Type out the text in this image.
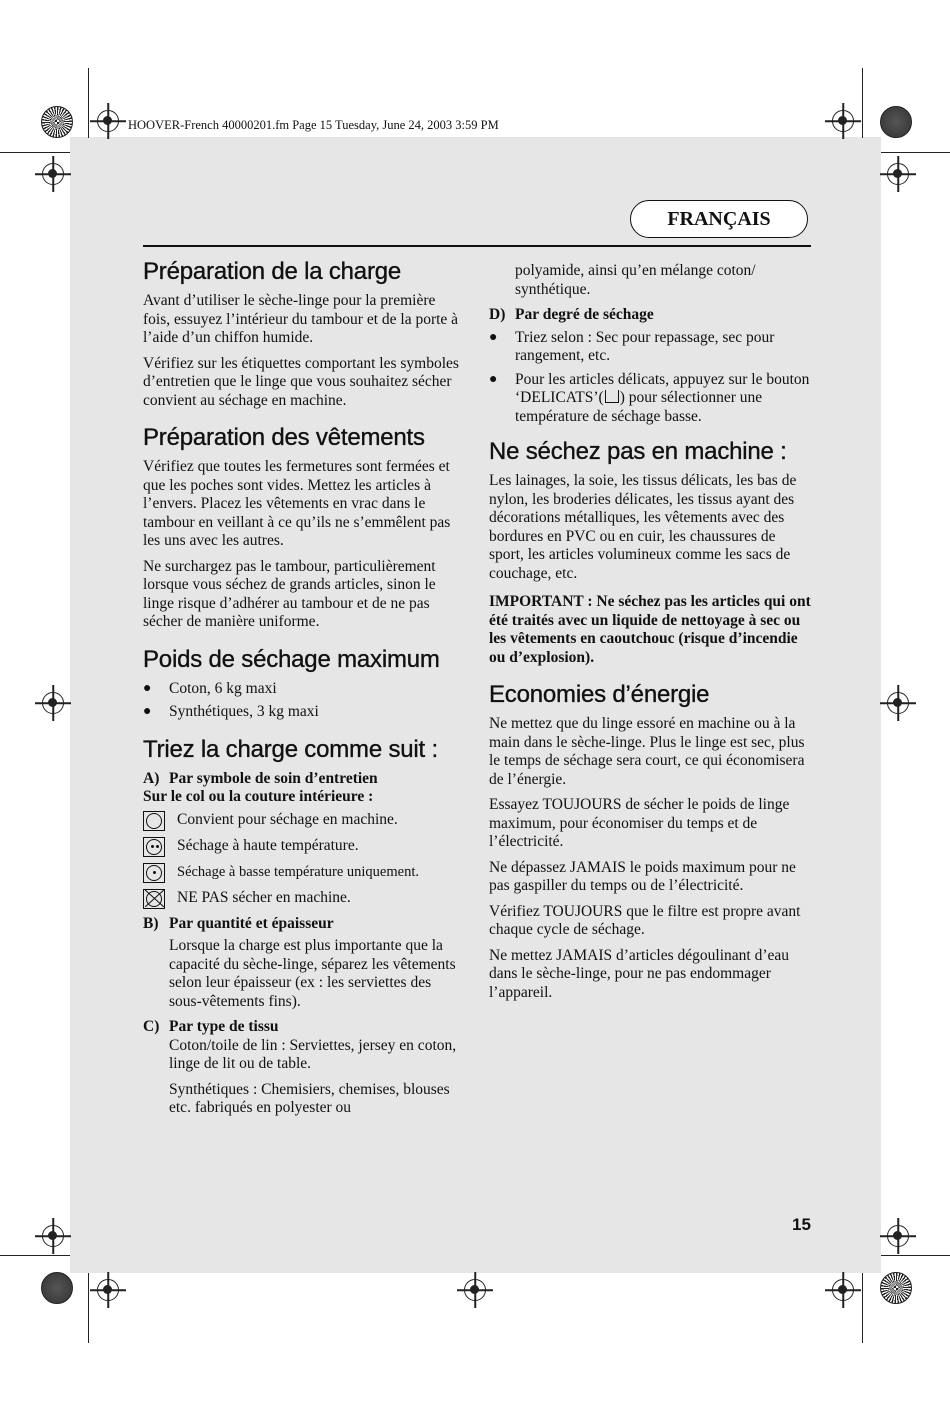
HOOVER-French 40000201.fm Page 15 Tuesday, June 24, 2003 3:59 PM
FRANÇAIS
Préparation de la charge

Avant d’utiliser le sèche-linge pour la première fois, essuyez l’intérieur du tambour et de la porte à l’aide d’un chiffon humide.

Vérifiez sur les étiquettes comportant les symboles d’entretien que le linge que vous souhaitez sécher convient au séchage en machine.

Préparation des vêtements

Vérifiez que toutes les fermetures sont fermées et que les poches sont vides. Mettez les articles à l’envers. Placez les vêtements en vrac dans le tambour en veillant à ce qu’ils ne s’emmêlent pas les uns avec les autres.

Ne surchargez pas le tambour, particulièrement lorsque vous séchez de grands articles, sinon le linge risque d’adhérer au tambour et de ne pas sécher de manière uniforme.

Poids de séchage maximum
●	Coton, 6 kg maxi
●	Synthétiques, 3 kg maxi
Triez la charge comme suit :
A) Par symbole de soin d’entretien
Sur le col ou la couture intérieure :
Convient pour séchage en machine.
Séchage à haute température.
Séchage à basse température uniquement.
NE PAS sécher en machine.
B) Par quantité et épaisseur

Lorsque la charge est plus importante que la capacité du sèche-linge, séparez les vêtements selon leur épaisseur (ex : les serviettes des sous-vêtements fins).

C) Par type de tissu

Coton/toile de lin : Serviettes, jersey en coton, linge de lit ou de table.

Synthétiques : Chemisiers, chemises, blouses etc. fabriqués en polyester ou

polyamide, ainsi qu’en mélange coton/ synthétique.

D) Par degré de séchage
●	Triez selon : Sec pour repassage, sec pour rangement, etc.
●	Pour les articles délicats, appuyez sur le bouton ‘DELICATS’( ) pour sélectionner une température de séchage basse.
Ne séchez pas en machine :

Les lainages, la soie, les tissus délicats, les bas de nylon, les broderies délicates, les tissus ayant des décorations métalliques, les vêtements avec des bordures en PVC ou en cuir, les chaussures de sport, les articles volumineux comme les sacs de couchage, etc.

IMPORTANT : Ne séchez pas les articles qui ont été traités avec un liquide de nettoyage à sec ou les vêtements en caoutchouc (risque d’incendie ou d’explosion).

Economies d’énergie

Ne mettez que du linge essoré en machine ou à la main dans le sèche-linge. Plus le linge est sec, plus le temps de séchage sera court, ce qui économisera de l’énergie.

Essayez TOUJOURS de sécher le poids de linge maximum, pour économiser du temps et de l’électricité.

Ne dépassez JAMAIS le poids maximum pour ne pas gaspiller du temps ou de l’électricité.

Vérifiez TOUJOURS que le filtre est propre avant chaque cycle de séchage.

Ne mettez JAMAIS d’articles dégoulinant d’eau dans le sèche-linge, pour ne pas endommager l’appareil.

15
